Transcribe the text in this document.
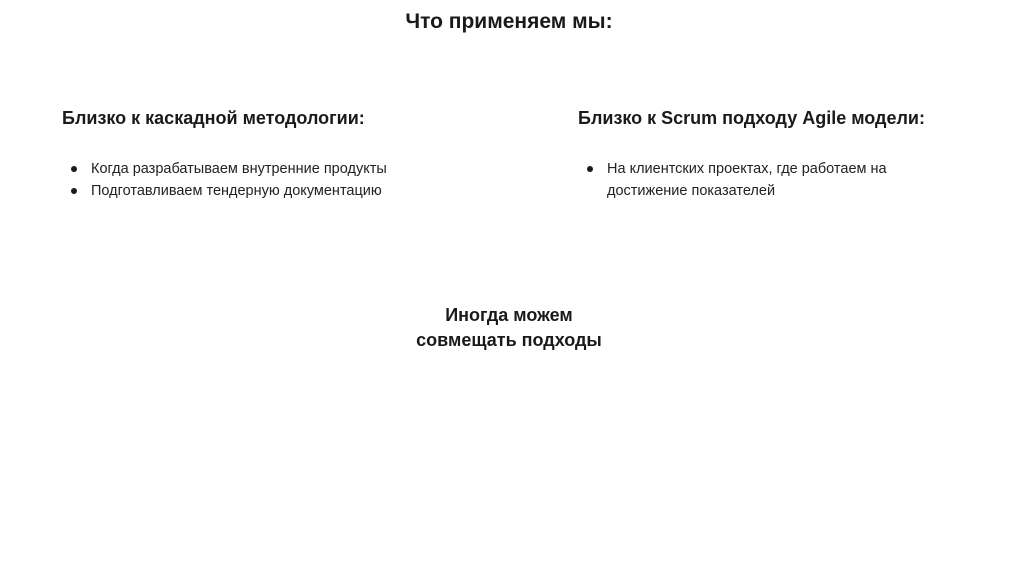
Что применяем мы:
Близко к каскадной методологии:
Когда разрабатываем внутренние продукты
Подготавливаем тендерную документацию
Близко к Scrum подходу Agile модели:
На клиентских проектах, где работаем на достижение показателей
Иногда можем
совмещать подходы
